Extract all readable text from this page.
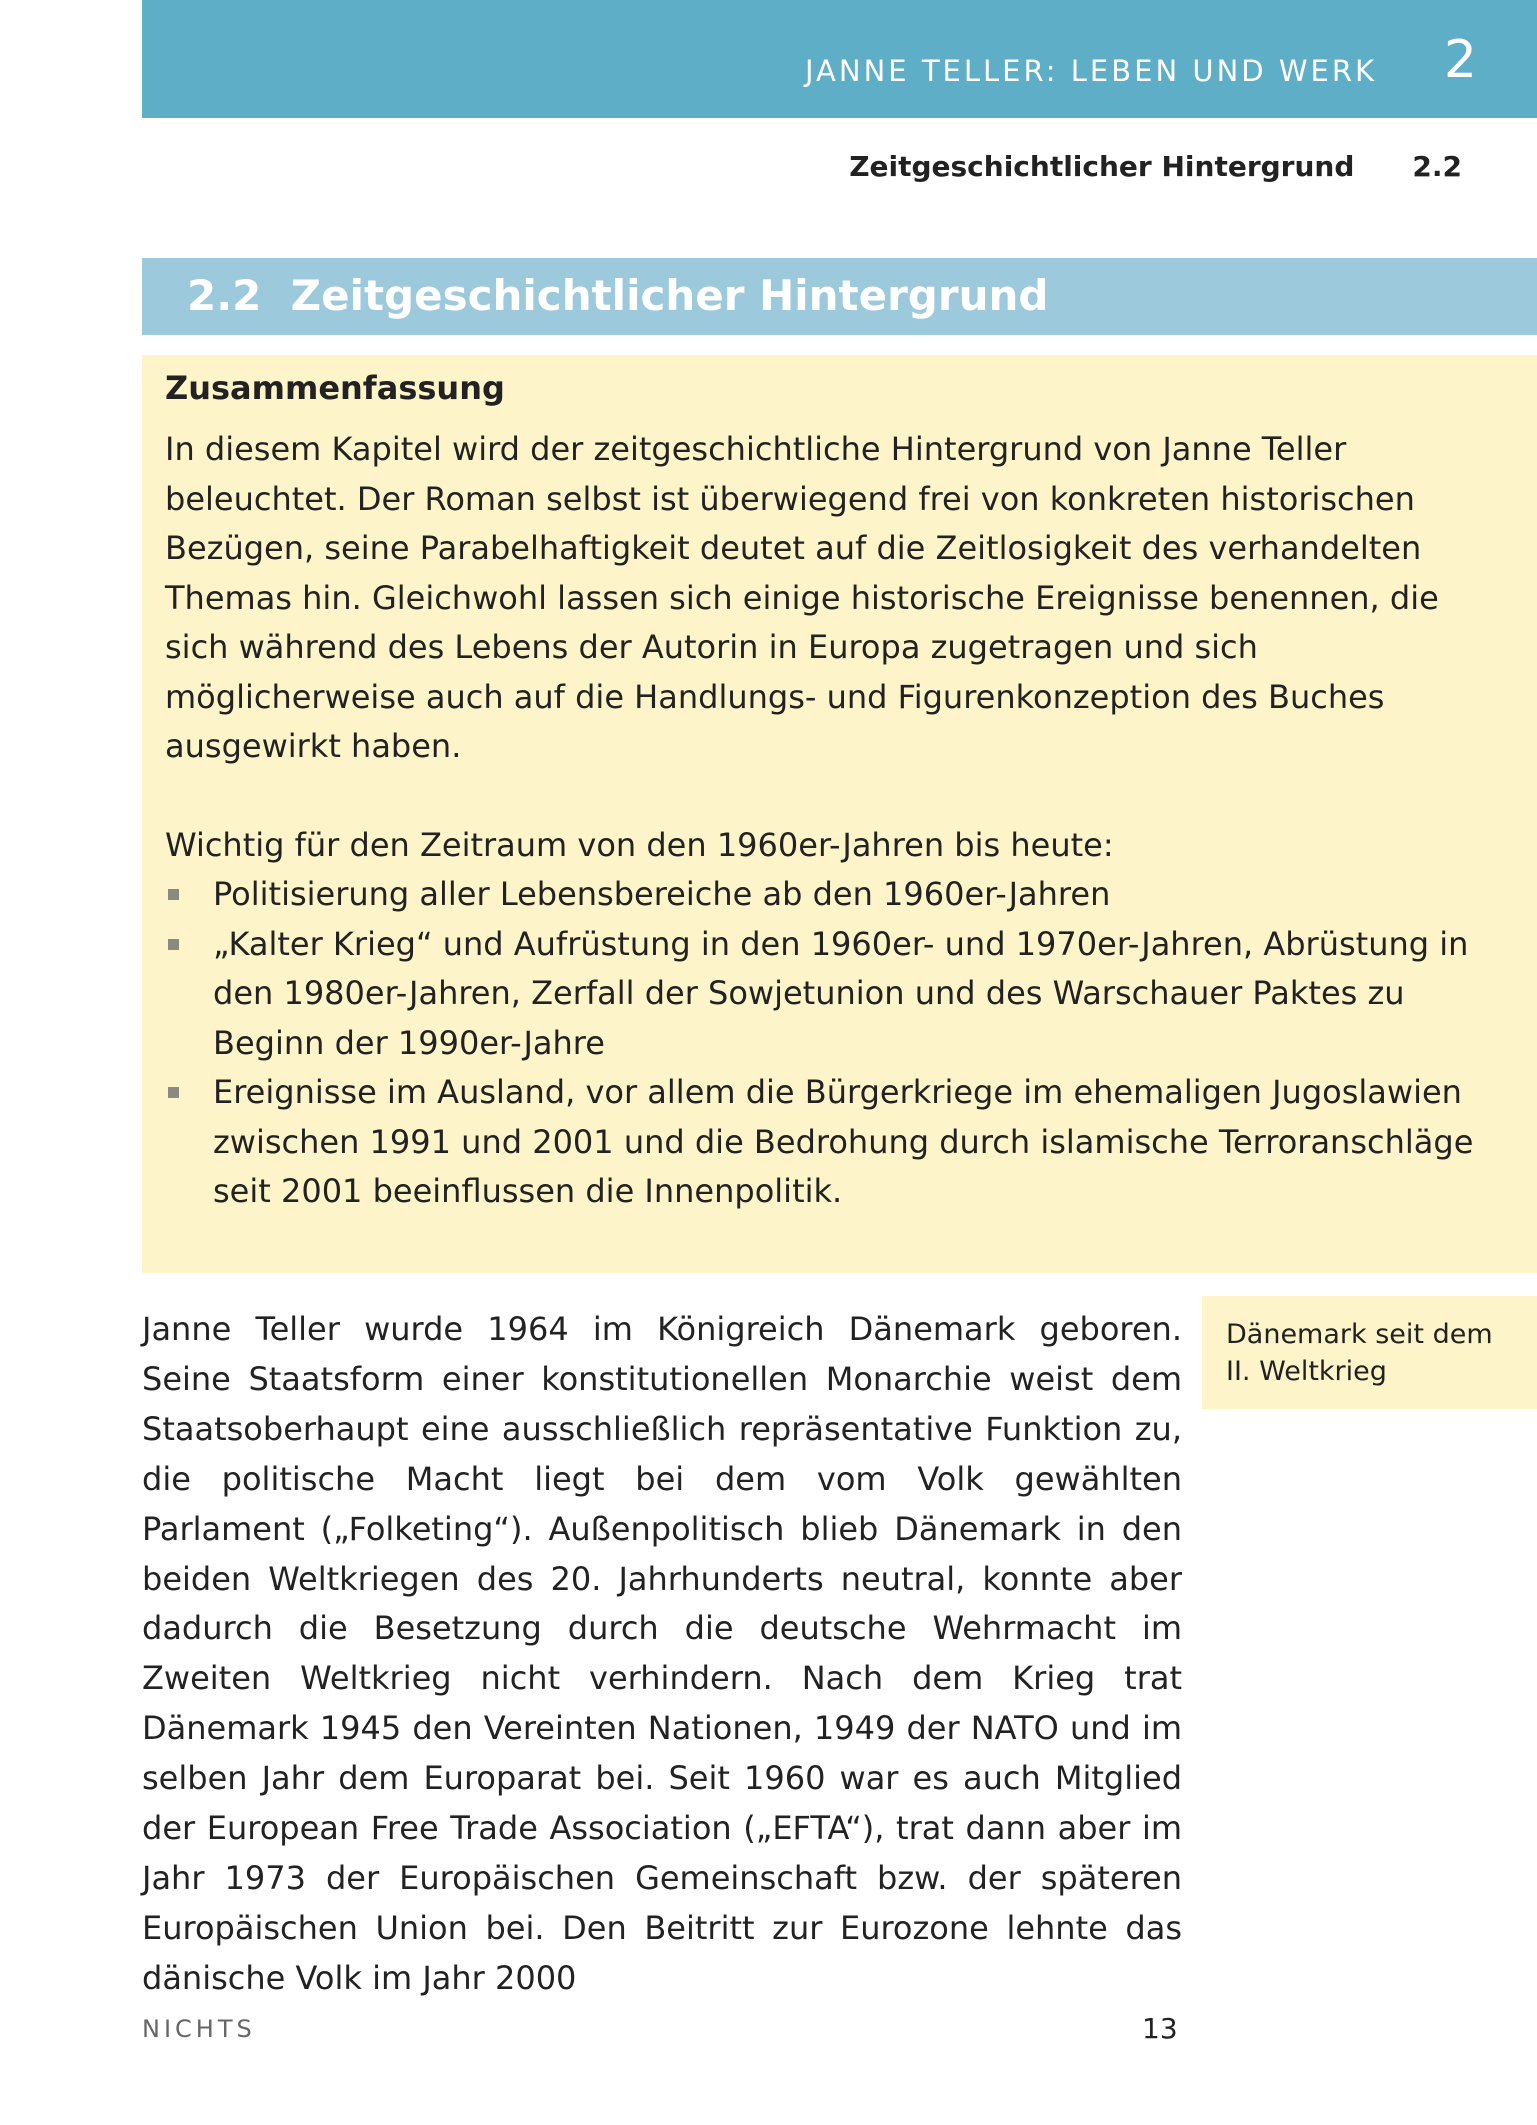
JANNE TELLER: LEBEN UND WERK 2
Zeitgeschichtlicher Hintergrund 2.2
2.2  Zeitgeschichtlicher Hintergrund
Zusammenfassung

In diesem Kapitel wird der zeitgeschichtliche Hintergrund von Janne Teller beleuchtet. Der Roman selbst ist überwiegend frei von konkreten historischen Bezügen, seine Parabelhaftigkeit deutet auf die Zeitlosigkeit des verhandelten Themas hin. Gleichwohl lassen sich einige historische Ereignisse benennen, die sich während des Lebens der Autorin in Europa zugetragen und sich möglicherweise auch auf die Handlungs- und Figurenkonzeption des Buches ausgewirkt haben.

Wichtig für den Zeitraum von den 1960er-Jahren bis heute:

Politisierung aller Lebensbereiche ab den 1960er-Jahren
„Kalter Krieg“ und Aufrüstung in den 1960er- und 1970er-Jahren, Abrüstung in den 1980er-Jahren, Zerfall der Sowjetunion und des Warschauer Paktes zu Beginn der 1990er-Jahre
Ereignisse im Ausland, vor allem die Bürgerkriege im ehemaligen Jugoslawien zwischen 1991 und 2001 und die Bedrohung durch islamische Terroranschläge seit 2001 beeinflussen die Innenpolitik.

Janne Teller wurde 1964 im Königreich Dänemark geboren. Seine Staatsform einer konstitutionellen Monarchie weist dem Staatsoberhaupt eine ausschließlich repräsentative Funktion zu, die politische Macht liegt bei dem vom Volk gewählten Parlament („Folketing“). Außenpolitisch blieb Dänemark in den beiden Weltkriegen des 20. Jahrhunderts neutral, konnte aber dadurch die Besetzung durch die deutsche Wehrmacht im Zweiten Weltkrieg nicht verhindern. Nach dem Krieg trat Dänemark 1945 den Vereinten Nationen, 1949 der NATO und im selben Jahr dem Europarat bei. Seit 1960 war es auch Mitglied der European Free Trade Association („EFTA“), trat dann aber im Jahr 1973 der Europäischen Gemeinschaft bzw. der späteren Europäischen Union bei. Den Beitritt zur Eurozone lehnte das dänische Volk im Jahr 2000

Dänemark seit dem II. Weltkrieg
NICHTS	13
